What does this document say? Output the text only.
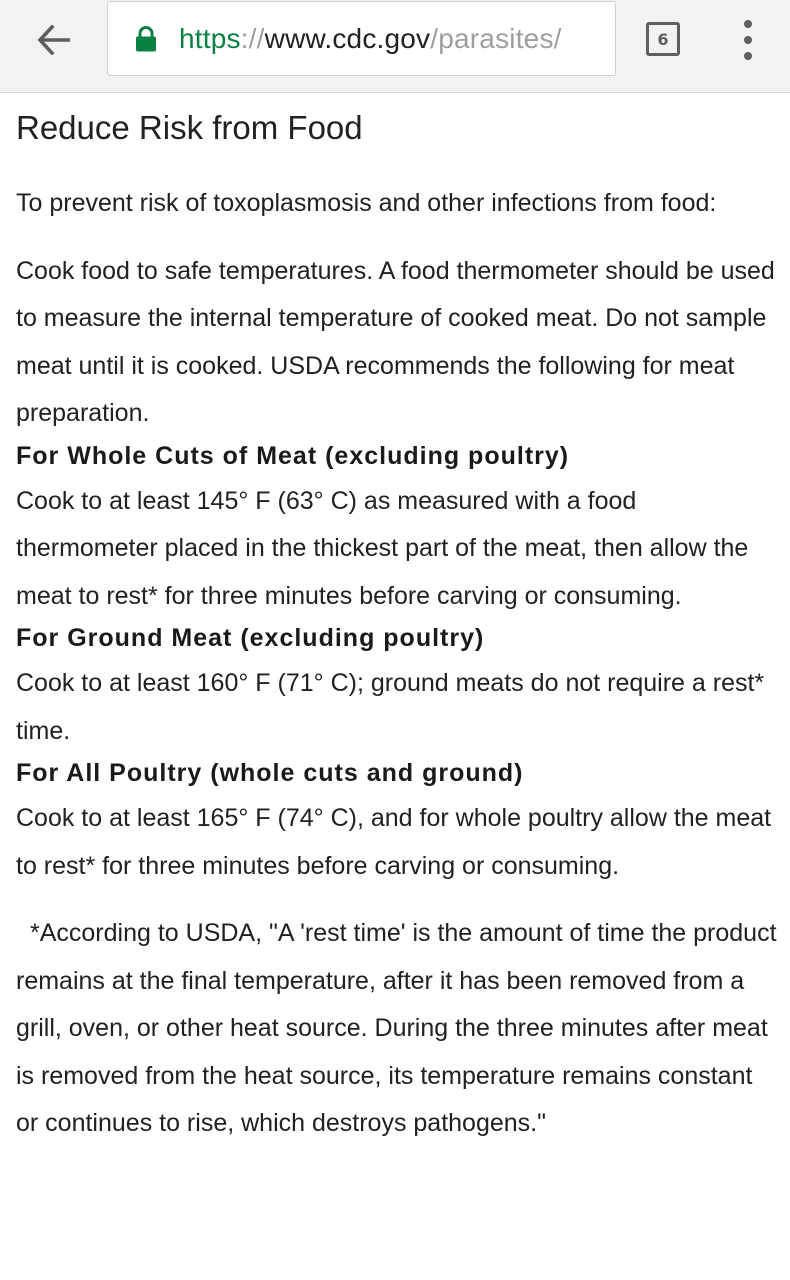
https://www.cdc.gov/parasites/	6
Reduce Risk from Food

To prevent risk of toxoplasmosis and other infections from food:

Cook food to safe temperatures. A food thermometer should be used to measure the internal temperature of cooked meat. Do not sample meat until it is cooked. USDA recommends the following for meat preparation.

For Whole Cuts of Meat (excluding poultry)

Cook to at least 145° F (63° C) as measured with a food thermometer placed in the thickest part of the meat, then allow the meat to rest* for three minutes before carving or consuming.

For Ground Meat (excluding poultry)

Cook to at least 160° F (71° C); ground meats do not require a rest* time.

For All Poultry (whole cuts and ground)

Cook to at least 165° F (74° C), and for whole poultry allow the meat to rest* for three minutes before carving or consuming.

*According to USDA, "A 'rest time' is the amount of time the product remains at the final temperature, after it has been removed from a grill, oven, or other heat source. During the three minutes after meat is removed from the heat source, its temperature remains constant or continues to rise, which destroys pathogens."
